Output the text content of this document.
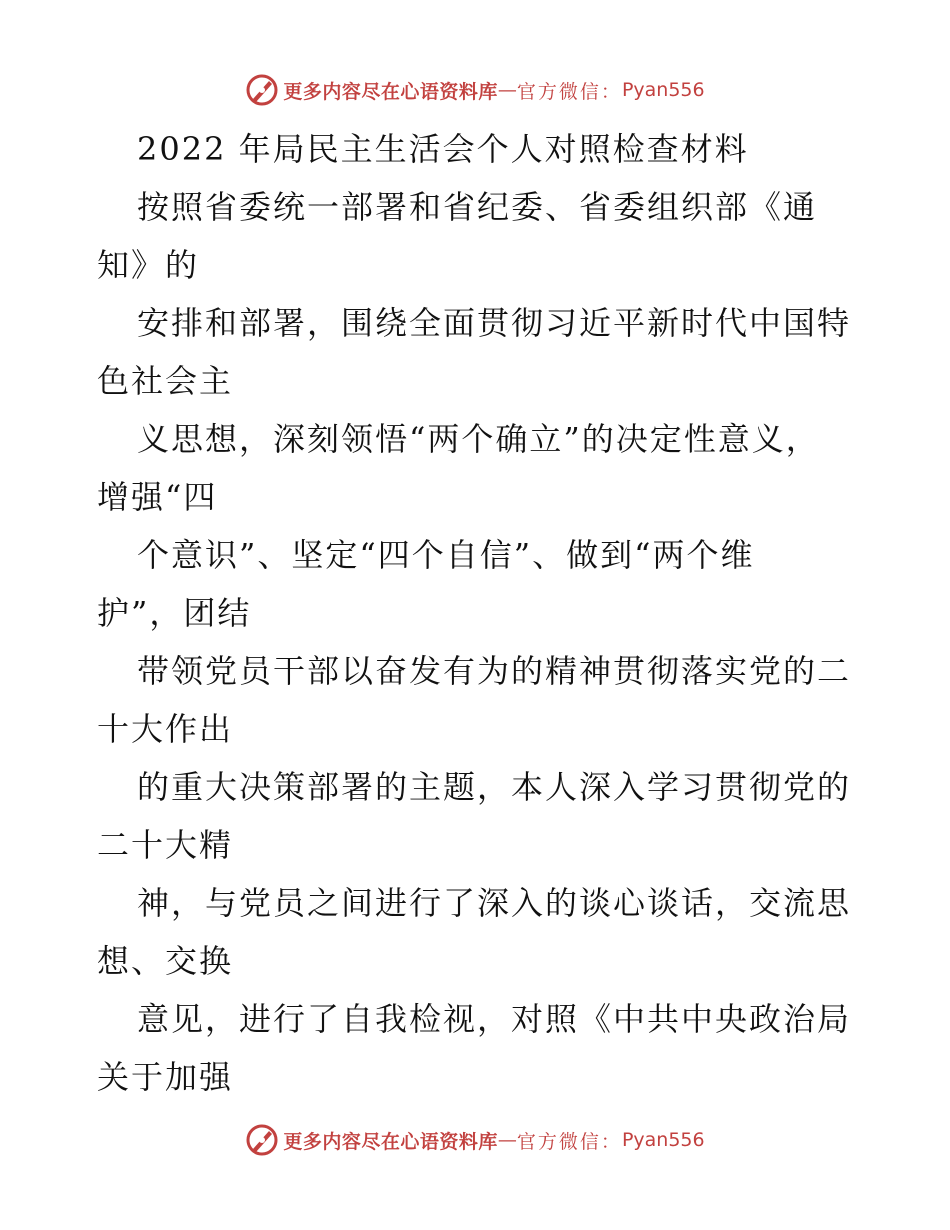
更多内容尽在心语资料库 — 官方微信： Pyan556
2022 年局民主生活会个人对照检查材料
按照省委统一部署和省纪委、省委组织部《通
知》的
安排和部署，围绕全面贯彻习近平新时代中国特
色社会主
义思想，深刻领悟“两个确立”的决定性意义，
增强“四
个意识”、坚定“四个自信”、做到“两个维
护”，团结
带领党员干部以奋发有为的精神贯彻落实党的二
十大作出
的重大决策部署的主题，本人深入学习贯彻党的
二十大精
神，与党员之间进行了深入的谈心谈话，交流思
想、交换
意见，进行了自我检视，对照《中共中央政治局
关于加强
更多内容尽在心语资料库 — 官方微信： Pyan556
